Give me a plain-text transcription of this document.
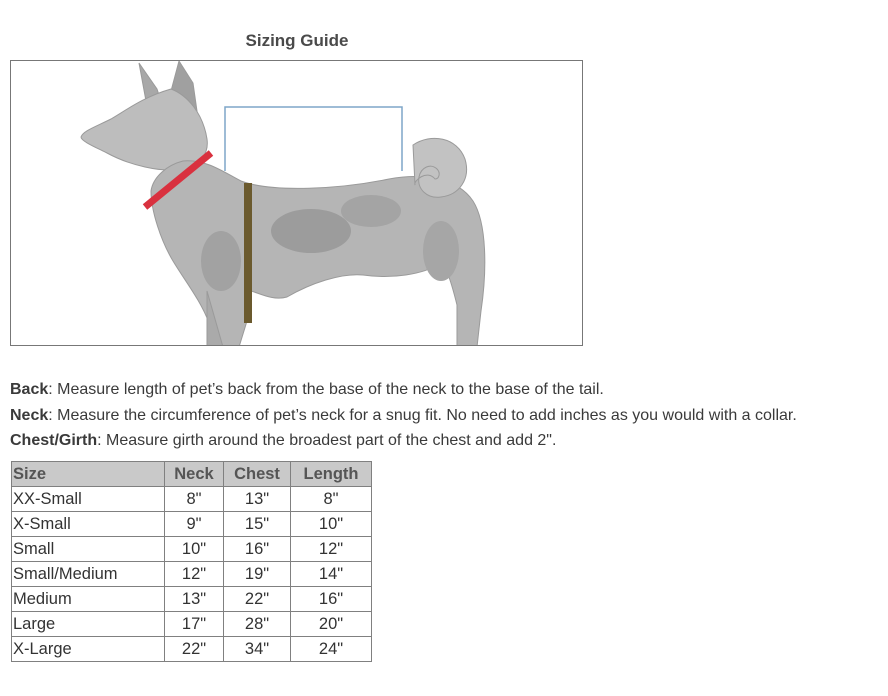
Sizing Guide

Back: Measure length of pet’s back from the base of the neck to the base of the tail.

Neck: Measure the circumference of pet’s neck for a snug fit. No need to add inches as you would with a collar.

Chest/Girth: Measure girth around the broadest part of the chest and add 2".

Size	Neck	Chest	Length
XX-Small	8"	13"	8"
X-Small	9"	15"	10"
Small	10"	16"	12"
Small/Medium	12"	19"	14"
Medium	13"	22"	16"
Large	17"	28"	20"
X-Large	22"	34"	24"
